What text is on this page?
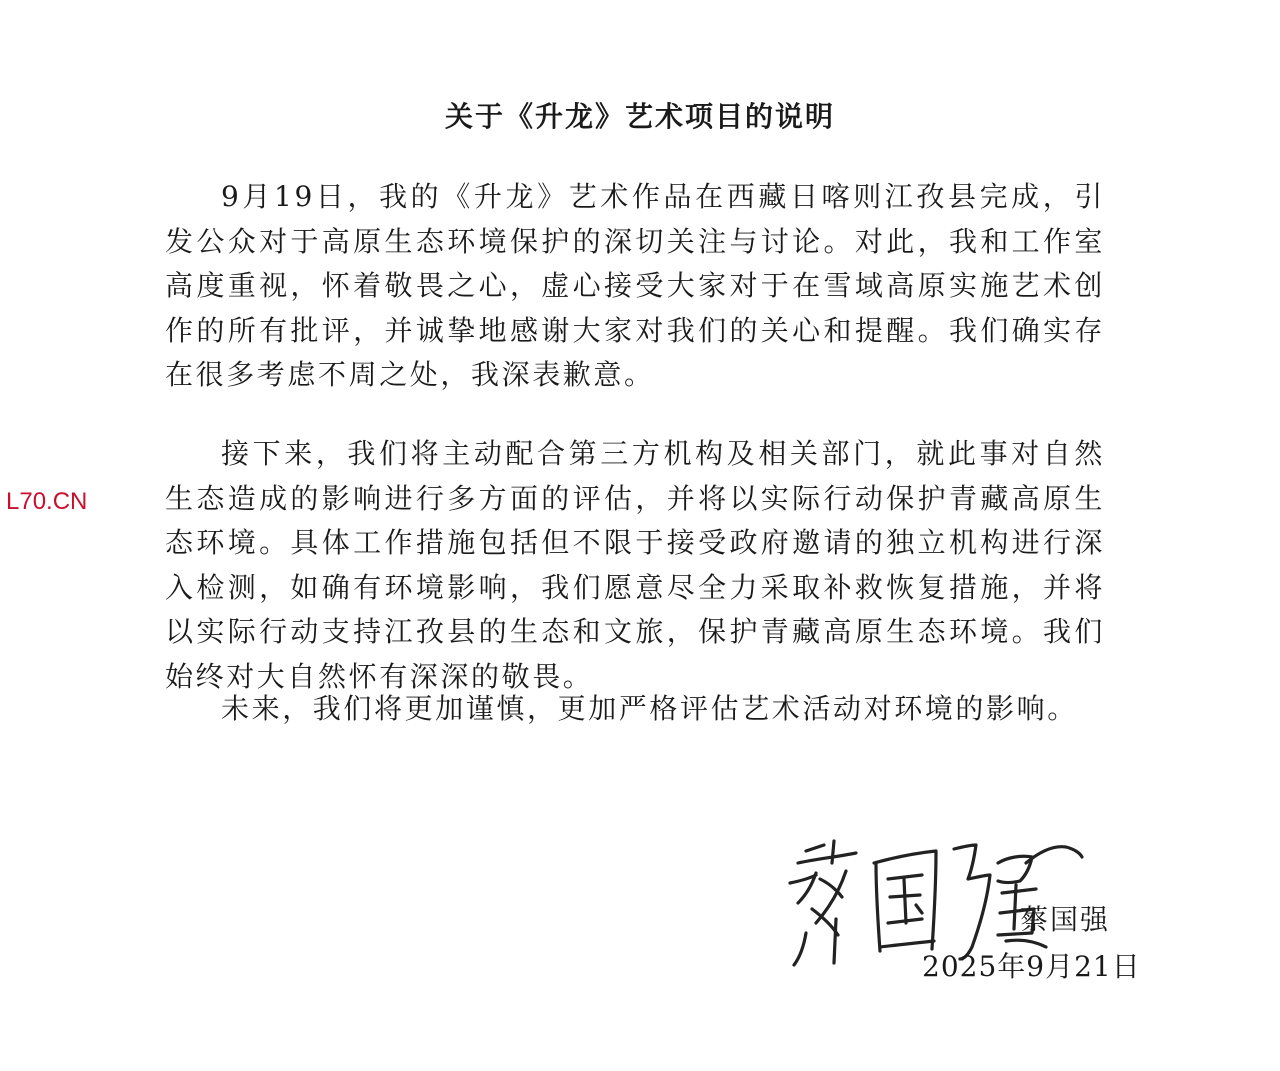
L70.CN
关于《升龙》艺术项目的说明

9月19日，我的《升龙》艺术作品在西藏日喀则江孜县完成，引发公众对于高原生态环境保护的深切关注与讨论。对此，我和工作室高度重视，怀着敬畏之心，虚心接受大家对于在雪域高原实施艺术创作的所有批评，并诚挚地感谢大家对我们的关心和提醒。我们确实存在很多考虑不周之处，我深表歉意。

接下来，我们将主动配合第三方机构及相关部门，就此事对自然生态造成的影响进行多方面的评估，并将以实际行动保护青藏高原生态环境。具体工作措施包括但不限于接受政府邀请的独立机构进行深入检测，如确有环境影响，我们愿意尽全力采取补救恢复措施，并将以实际行动支持江孜县的生态和文旅，保护青藏高原生态环境。我们始终对大自然怀有深深的敬畏。

未来，我们将更加谨慎，更加严格评估艺术活动对环境的影响。

蔡国强
2025年9月21日
